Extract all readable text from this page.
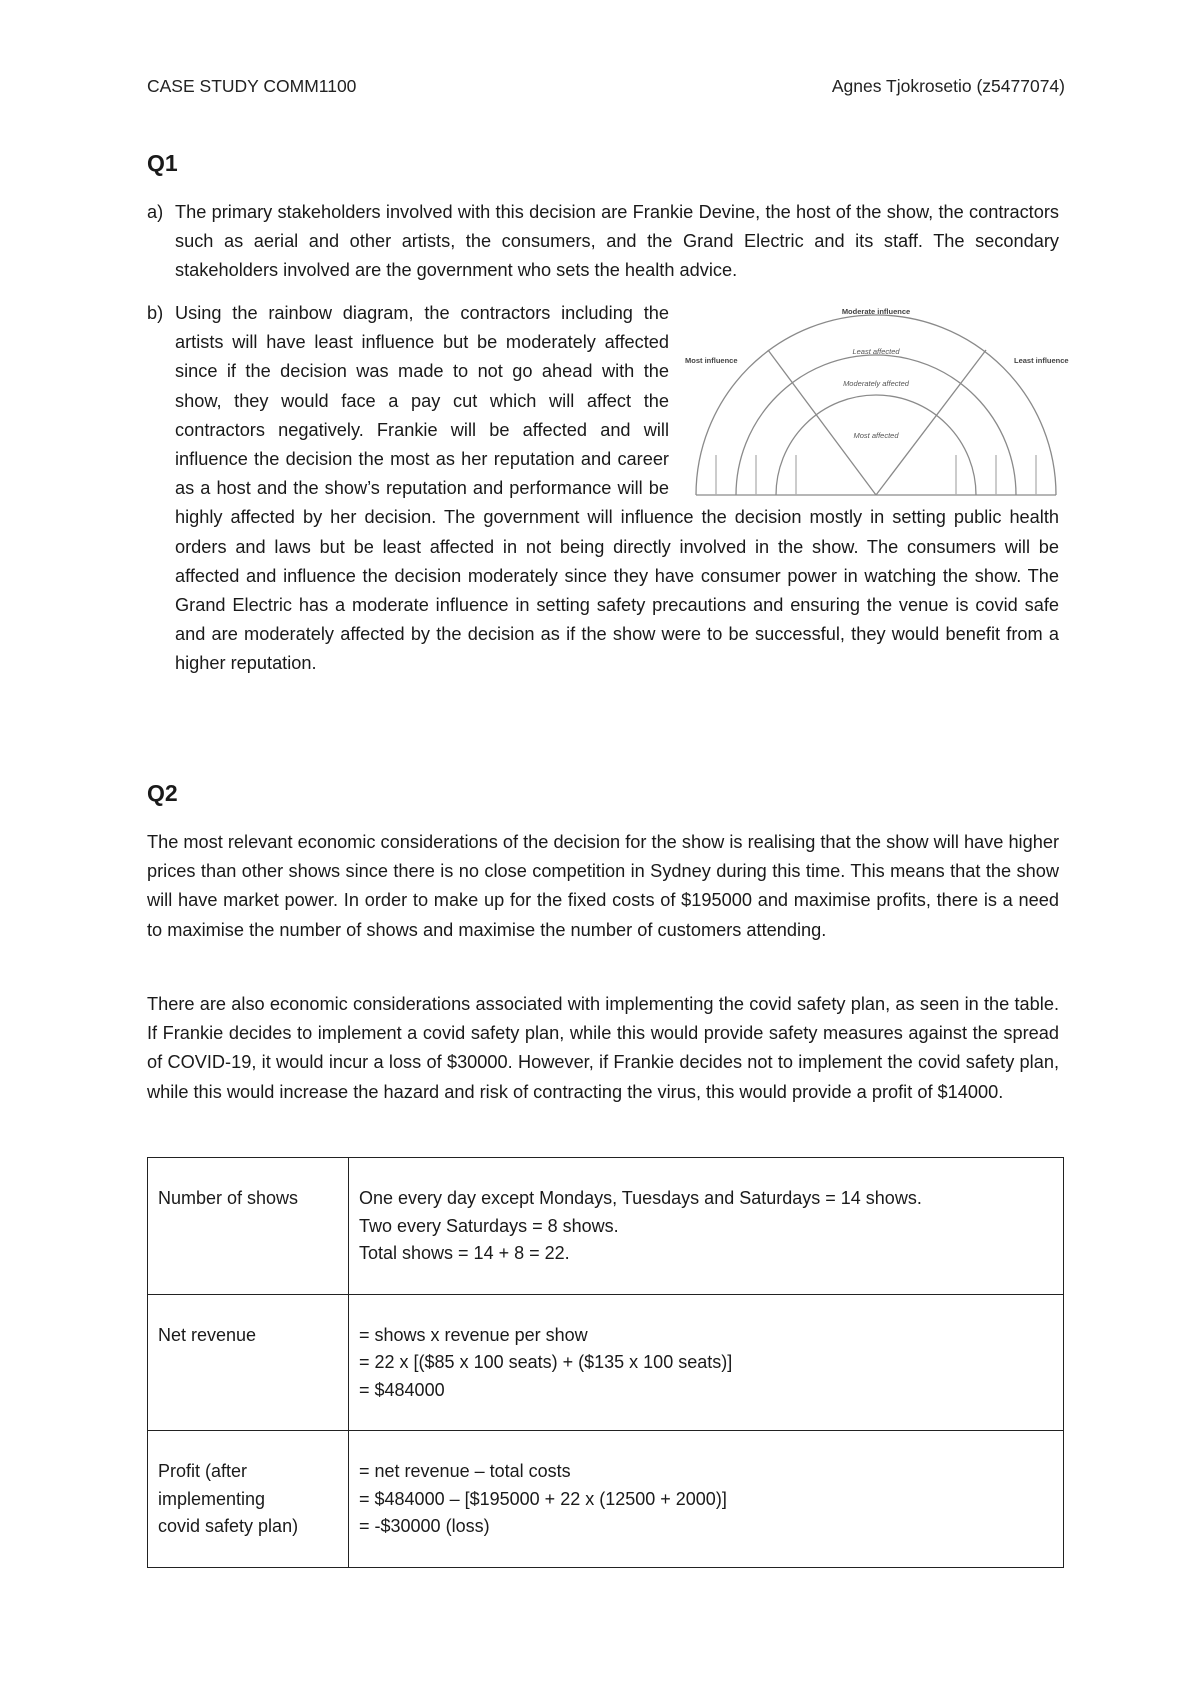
CASE STUDY COMM1100	Agnes Tjokrosetio (z5477074)
Q1
a) The primary stakeholders involved with this decision are Frankie Devine, the host of the show, the contractors such as aerial and other artists, the consumers, and the Grand Electric and its staff. The secondary stakeholders involved are the government who sets the health advice.
b) Using the rainbow diagram, the contractors including the artists will have least influence but be moderately affected since if the decision was made to not go ahead with the show, they would face a pay cut which will affect the contractors negatively. Frankie will be affected and will influence the decision the most as her reputation and career as a host and the show’s reputation and performance will be highly affected by her decision. The government will influence the decision mostly in setting public health orders and laws but be least affected in not being directly involved in the show. The consumers will be affected and influence the decision moderately since they have consumer power in watching the show. The Grand Electric has a moderate influence in setting safety precautions and ensuring the venue is covid safe and are moderately affected by the decision as if the show were to be successful, they would benefit from a higher reputation.
Moderate influence
Most influence	Least influence
Least affected
Moderately affected
Most affected
Q2

The most relevant economic considerations of the decision for the show is realising that the show will have higher prices than other shows since there is no close competition in Sydney during this time. This means that the show will have market power. In order to make up for the fixed costs of $195000 and maximise profits, there is a need to maximise the number of shows and maximise the number of customers attending.

There are also economic considerations associated with implementing the covid safety plan, as seen in the table. If Frankie decides to implement a covid safety plan, while this would provide safety measures against the spread of COVID-19, it would incur a loss of $30000. However, if Frankie decides not to implement the covid safety plan, while this would increase the hazard and risk of contracting the virus, this would provide a profit of $14000.

Number of shows	One every day except Mondays, Tuesdays and Saturdays = 14 shows.
Two every Saturdays = 8 shows.
Total shows = 14 + 8 = 22.

Net revenue	= shows x revenue per show
= 22 x [($85 x 100 seats) + ($135 x 100 seats)]
= $484000

Profit (after
implementing
covid safety plan)	= net revenue – total costs
= $484000 – [$195000 + 22 x (12500 + 2000)]
= -$30000 (loss)
